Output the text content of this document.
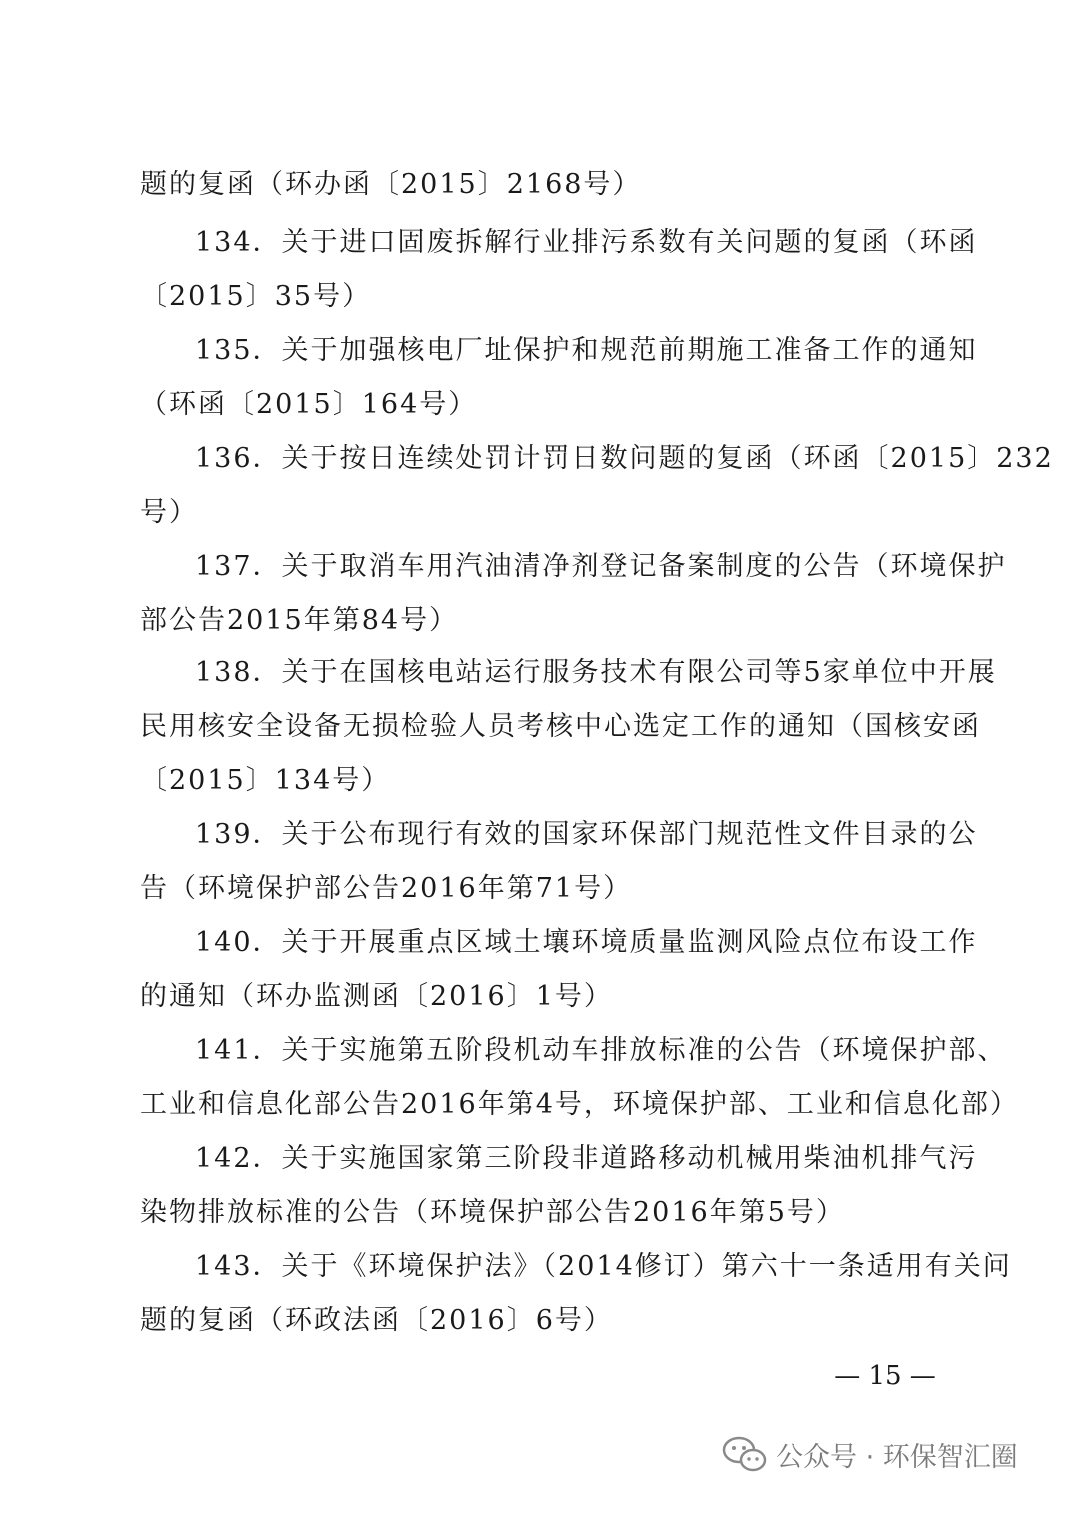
题的复函（环办函〔2015〕2168号）
134．关于进口固废拆解行业排污系数有关问题的复函（环函
〔2015〕35号）
135．关于加强核电厂址保护和规范前期施工准备工作的通知
（环函〔2015〕164号）
136．关于按日连续处罚计罚日数问题的复函（环函〔2015〕232
号）
137．关于取消车用汽油清净剂登记备案制度的公告（环境保护
部公告2015年第84号）
138．关于在国核电站运行服务技术有限公司等5家单位中开展
民用核安全设备无损检验人员考核中心选定工作的通知（国核安函
〔2015〕134号）
139．关于公布现行有效的国家环保部门规范性文件目录的公
告（环境保护部公告2016年第71号）
140．关于开展重点区域土壤环境质量监测风险点位布设工作
的通知（环办监测函〔2016〕1号）
141．关于实施第五阶段机动车排放标准的公告（环境保护部、
工业和信息化部公告2016年第4号，环境保护部、工业和信息化部）
142．关于实施国家第三阶段非道路移动机械用柴油机排气污
染物排放标准的公告（环境保护部公告2016年第5号）
143．关于《环境保护法》（2014修订）第六十一条适用有关问
题的复函（环政法函〔2016〕6号）
— 15 —
公众号 · 环保智汇圈
